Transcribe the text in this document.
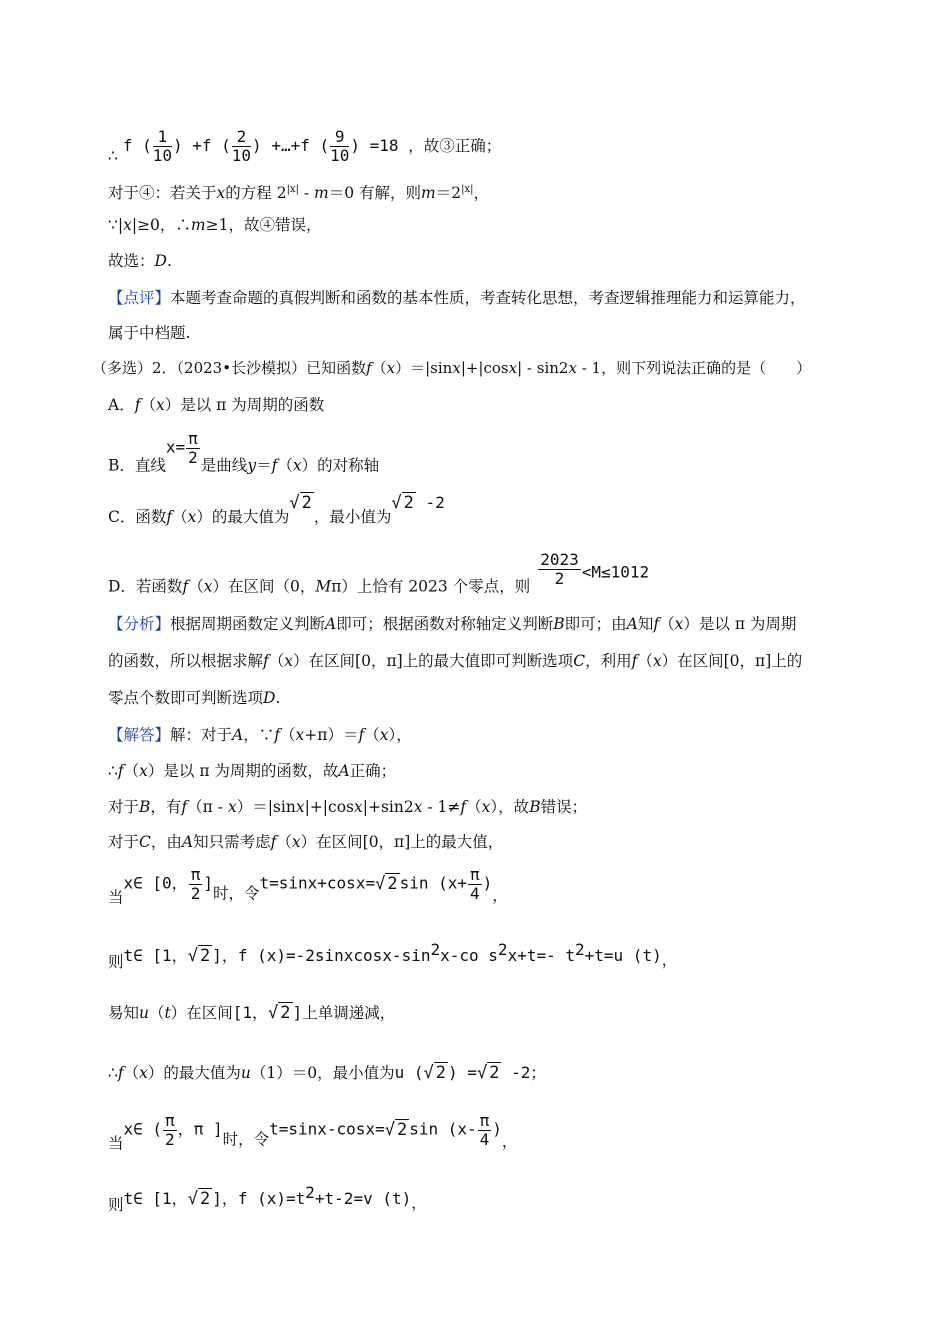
∴ f ( $\frac{1}{10}$ ) +f ( $\frac{2}{10}$ ) +…+f ( $\frac{9}{10}$ ) =18 ，故③正确；
对于④：若关于x的方程 $2^{|x|} - m=0$ 有解，则$m=2^{|x|}$，
∵|x|≥0，∴m≥1，故④错误，
故选：D.
【点评】本题考查命题的真假判断和函数的基本性质，考查转化思想，考查逻辑推理能力和运算能力，
属于中档题.
（多选）2．（2023•长沙模拟）已知函数f（x）＝|sinx|+|cosx| - sin2x - 1，则下列说法正确的是（　　）
A．f（x）是以 π 为周期的函数
B．直线$x= \frac{\pi}{2}$ 是曲线y＝f（x）的对称轴
C．函数f（x）的最大值为√ 2，最小值为√ 2 -2
D．若函数f（x）在区间（0，Mπ）上恰有 2023 个零点，则 $\frac{2023}{2} <M\le 1012$
【分析】根据周期函数定义判断A即可；根据函数对称轴定义判断B即可；由A知f（x）是以 π 为周期
的函数，所以根据求解f（x）在区间[0，π]上的最大值即可判断选项C，利用f（x）在区间[0，π]上的
零点个数即可判断选项D.
【解答】解：对于A，∵f（x+π）＝f（x），
∴f（x）是以 π 为周期的函数，故A正确；
对于B，有f（π - x）＝|sinx|+|cosx|+sin2x - 1≠f（x），故B错误；
对于C，由A知只需考虑f（x）在区间[0，π]上的最大值，
当x∈ [0， $\frac{\pi}{2}$ ]时，令t=sinx+cosx=√ 2 $\sin (x+ \frac{\pi}{4}$ )，
则t∈ [1，√ 2 ]，f $(x)=-2sinxcosx-\sin^2x-co$ $s^2x+t=-$ $t^2+t=u$ (t)，
易知u（t）在区间[1，√ 2 ]上单调递减，
∴f（x）的最大值为u（1）＝0，最小值为u (√ 2 ) =√ 2 -2；
当x∈ ( $\frac{\pi}{2}$ ，π ]时，令t=sinx-cosx=√ 2 $\sin (x- \frac{\pi}{4}$ )，
则t∈ [1，√ 2 ]，f $(x)=t^2+t-2=v$ (t)，
